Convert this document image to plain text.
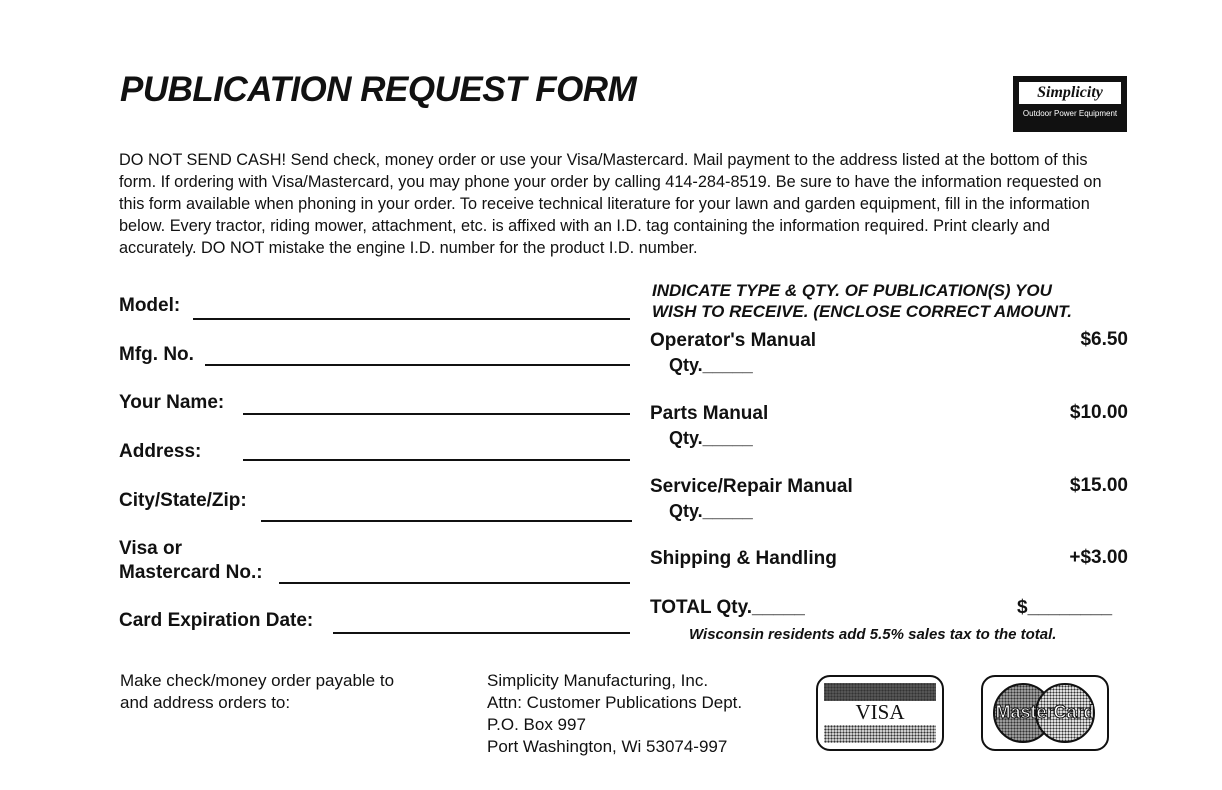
PUBLICATION REQUEST FORM	Simplicity
Outdoor Power Equipment
DO NOT SEND CASH! Send check, money order or use your Visa/Mastercard. Mail payment to the address listed at the bottom of this form. If ordering with Visa/Mastercard, you may phone your order by calling 414-284-8519. Be sure to have the information requested on this form available when phoning in your order. To receive technical literature for your lawn and garden equipment, fill in the information below. Every tractor, riding mower, attachment, etc. is affixed with an I.D. tag containing the information required. Print clearly and accurately. DO NOT mistake the engine I.D. number for the product I.D. number.
Model:
Mfg. No.
Your Name:
Address:
City/State/Zip:
Visa or
Mastercard No.:
Card Expiration Date:
INDICATE TYPE & QTY. OF PUBLICATION(S) YOU
WISH TO RECEIVE. (ENCLOSE CORRECT AMOUNT.
Operator's Manual	$6.50
Qty._____
Parts Manual	$10.00
Qty._____
Service/Repair Manual	$15.00
Qty._____
Shipping & Handling	+$3.00
TOTAL Qty._____	$________
Wisconsin residents add 5.5% sales tax to the total.
Make check/money order payable to
and address orders to:
Simplicity Manufacturing, Inc.
Attn: Customer Publications Dept.
P.O. Box 997
Port Washington, Wi 53074-997
VISA	MasterCard
